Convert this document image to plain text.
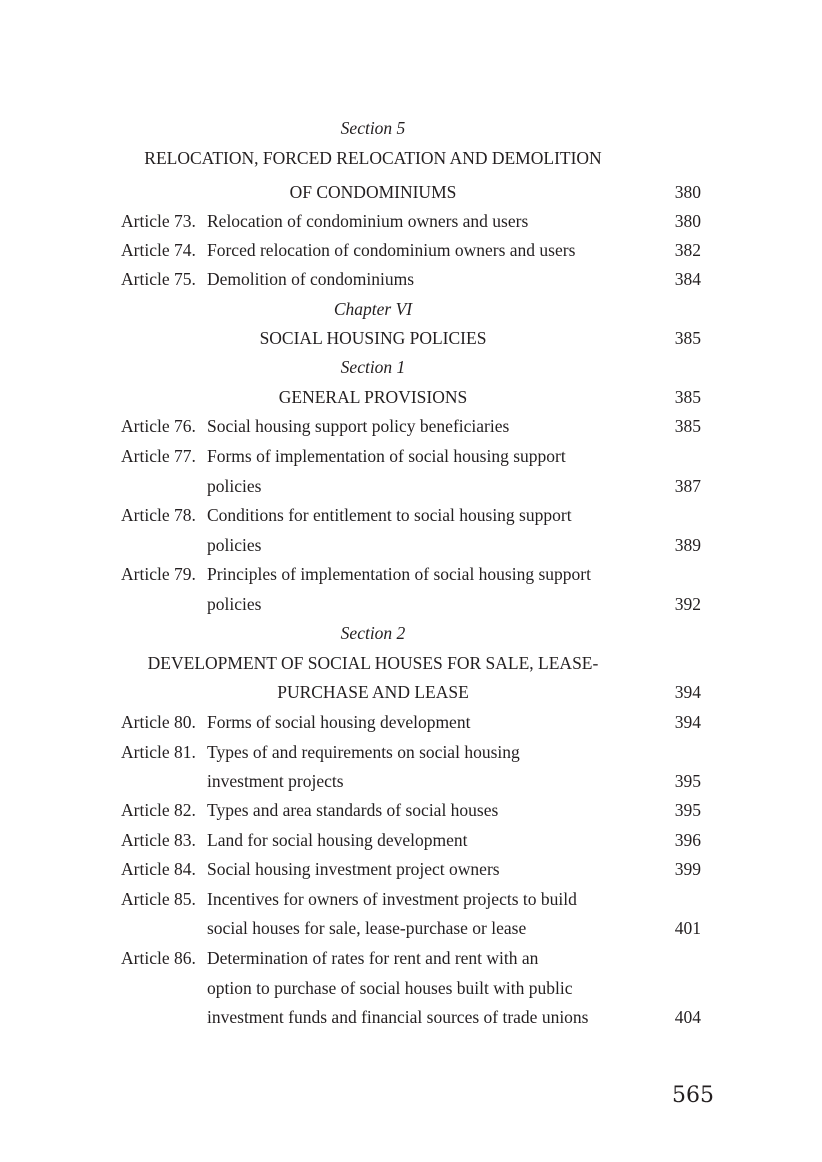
Section 5
RELOCATION, FORCED RELOCATION AND DEMOLITION
OF CONDOMINIUMS	380
Article 73. Relocation of condominium owners and users	380
Article 74. Forced relocation of condominium owners and users	382
Article 75. Demolition of condominiums	384
Chapter VI
SOCIAL HOUSING POLICIES	385
Section 1
GENERAL PROVISIONS	385
Article 76. Social housing support policy beneficiaries	385
Article 77. Forms of implementation of social housing support
policies	387
Article 78. Conditions for entitlement to social housing support
policies	389
Article 79. Principles of implementation of social housing support
policies	392
Section 2
DEVELOPMENT OF SOCIAL HOUSES FOR SALE, LEASE-
PURCHASE AND LEASE	394
Article 80. Forms of social housing development	394
Article 81. Types of and requirements on social housing
investment projects	395
Article 82. Types and area standards of social houses	395
Article 83. Land for social housing development	396
Article 84. Social housing investment project owners	399
Article 85. Incentives for owners of investment projects to build
social houses for sale, lease-purchase or lease	401
Article 86. Determination of rates for rent and rent with an
option to purchase of social houses built with public
investment funds and financial sources of trade unions	404
565
